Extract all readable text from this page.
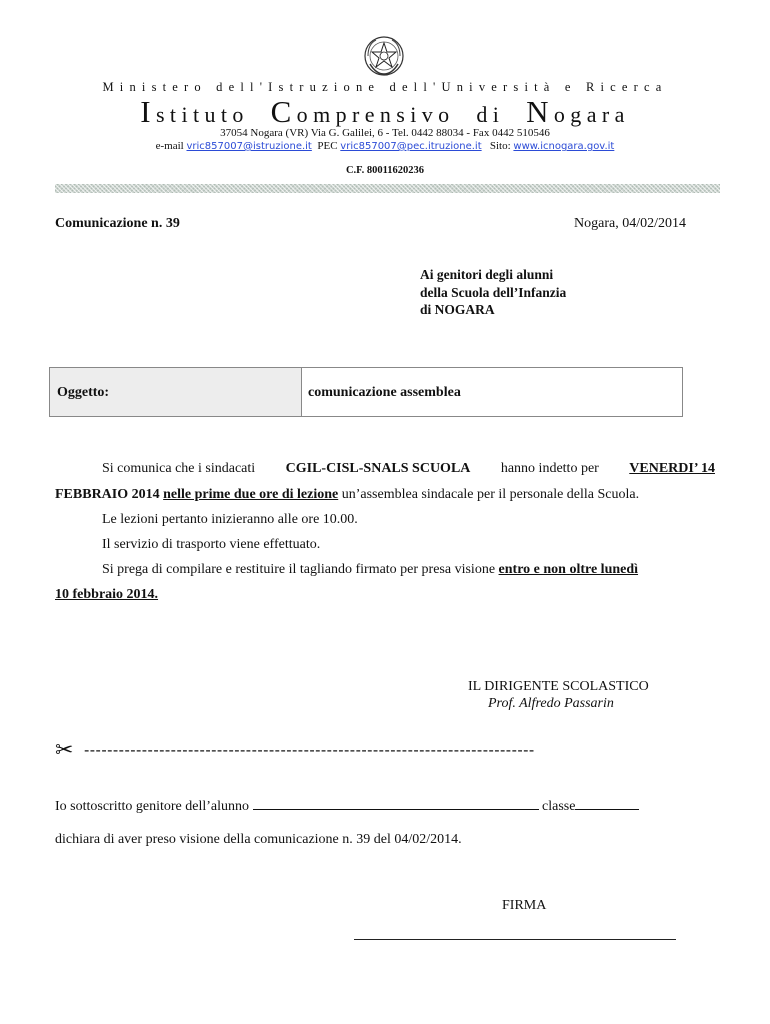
Ministero dell'Istruzione dell'Università e Ricerca
Istituto Comprensivo di Nogara
37054 Nogara (VR) Via G. Galilei, 6 - Tel. 0442 88034 - Fax 0442 510546
e-mail vric857007@istruzione.it PEC vric857007@pec.itruzione.it Sito: www.icnogara.gov.it
C.F. 80011620236
Comunicazione n. 39	Nogara, 04/02/2014
Ai genitori degli alunni
della Scuola dell’Infanzia
di NOGARA
Oggetto:	comunicazione assemblea
Si comunica che i sindacati CGIL-CISL-SNALS SCUOLA hanno indetto per VENERDI’ 14
FEBBRAIO 2014 nelle prime due ore di lezione un’assemblea sindacale per il personale della Scuola.
Le lezioni pertanto inizieranno alle ore 10.00.
Il servizio di trasporto viene effettuato.
Si prega di compilare e restituire il tagliando firmato per presa visione entro e non oltre lunedì
10 febbraio 2014.
IL DIRIGENTE SCOLASTICO
Prof. Alfredo Passarin
✂ ------------------------------------------------------------------------------
Io sottoscritto genitore dell’alunno	classe
dichiara di aver preso visione della comunicazione n. 39 del 04/02/2014.
FIRMA
